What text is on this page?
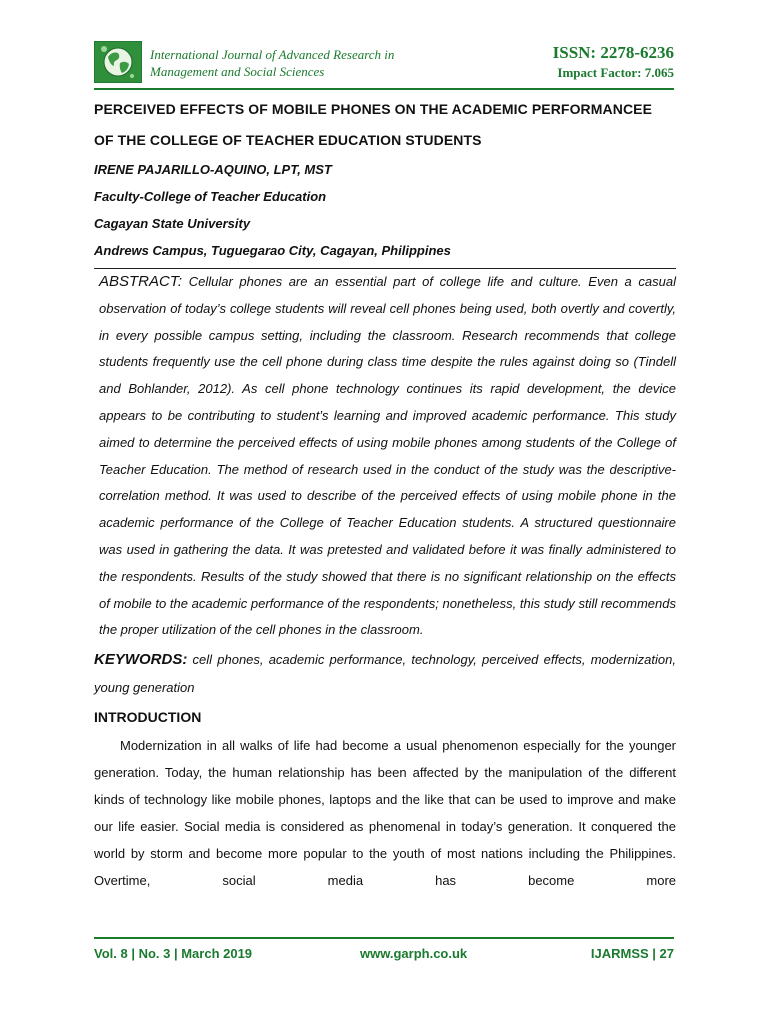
International Journal of Advanced Research in
Management and Social Sciences
ISSN: 2278-6236
Impact Factor: 7.065

PERCEIVED EFFECTS OF MOBILE PHONES ON THE ACADEMIC PERFORMANCEE

OF THE COLLEGE OF TEACHER EDUCATION STUDENTS

IRENE PAJARILLO-AQUINO, LPT, MST

Faculty-College of Teacher Education

Cagayan State University

Andrews Campus, Tuguegarao City, Cagayan, Philippines

ABSTRACT: Cellular phones are an essential part of college life and culture. Even a casual observation of today’s college students will reveal cell phones being used, both overtly and covertly, in every possible campus setting, including the classroom. Research recommends that college students frequently use the cell phone during class time despite the rules against doing so (Tindell and Bohlander, 2012). As cell phone technology continues its rapid development, the device appears to be contributing to student’s learning and improved academic performance. This study aimed to determine the perceived effects of using mobile phones among students of the College of Teacher Education. The method of research used in the conduct of the study was the descriptive-correlation method. It was used to describe of the perceived effects of using mobile phone in the academic performance of the College of Teacher Education students. A structured questionnaire was used in gathering the data. It was pretested and validated before it was finally administered to the respondents. Results of the study showed that there is no significant relationship on the effects of mobile to the academic performance of the respondents; nonetheless, this study still recommends the proper utilization of the cell phones in the classroom.

KEYWORDS: cell phones, academic performance, technology, perceived effects, modernization, young generation

INTRODUCTION

Modernization in all walks of life had become a usual phenomenon especially for the younger generation. Today, the human relationship has been affected by the manipulation of the different kinds of technology like mobile phones, laptops and the like that can be used to improve and make our life easier. Social media is considered as phenomenal in today’s generation. It conquered the world by storm and become more popular to the youth of most nations including the Philippines. Overtime, social media has become more

Vol. 8 | No. 3 | March 2019	www.garph.co.uk	IJARMSS | 27
